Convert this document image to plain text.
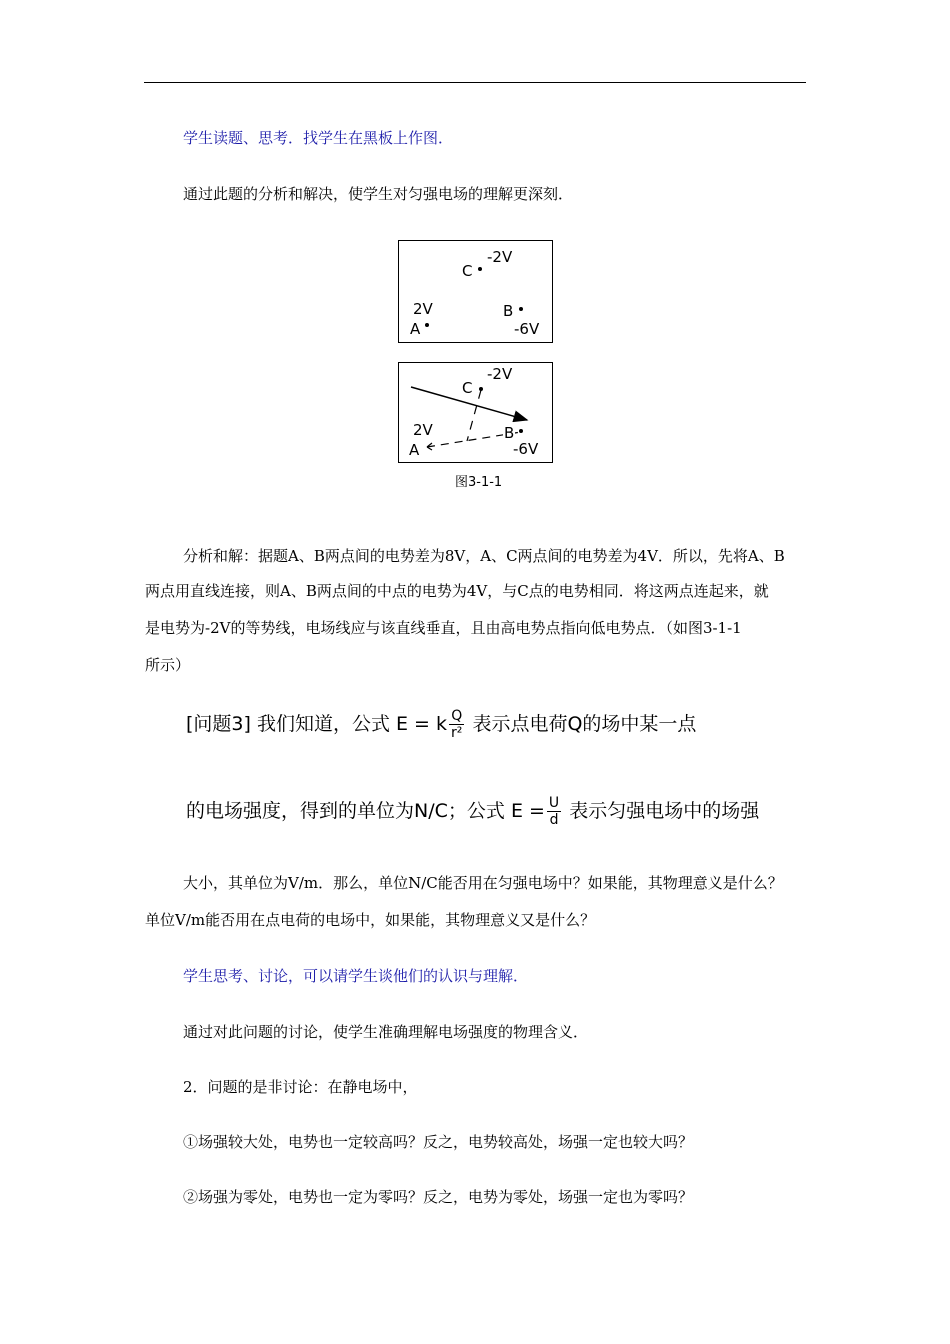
学生读题、思考．找学生在黑板上作图．
通过此题的分析和解决，使学生对匀强电场的理解更深刻．
C
-2V
2V
A
B
-6V
C
-2V
2V
A
B
-6V
图3-1-1
分析和解：据题A、B两点间的电势差为8V，A、C两点间的电势差为4V．所以，先将A、B
两点用直线连接，则A、B两点间的中点的电势为4V，与C点的电势相同．将这两点连起来，就
是电势为-2V的等势线，电场线应与该直线垂直，且由高电势点指向低电势点．（如图3-1-1
所示）
[问题3] 我们知道，公式 E = k $\frac{Q}{\text{r²}}$ 表示点电荷Q的场中某一点
的电场强度，得到的单位为N/C；公式 $E = \frac{U}{d}$ 表示匀强电场中的场强
大小，其单位为V/m．那么，单位N/C能否用在匀强电场中？如果能，其物理意义是什么？
单位V/m能否用在点电荷的电场中，如果能，其物理意义又是什么？
学生思考、讨论，可以请学生谈他们的认识与理解．
通过对此问题的讨论，使学生准确理解电场强度的物理含义．
2．问题的是非讨论：在静电场中，
①场强较大处，电势也一定较高吗？反之，电势较高处，场强一定也较大吗？
②场强为零处，电势也一定为零吗？反之，电势为零处，场强一定也为零吗？
